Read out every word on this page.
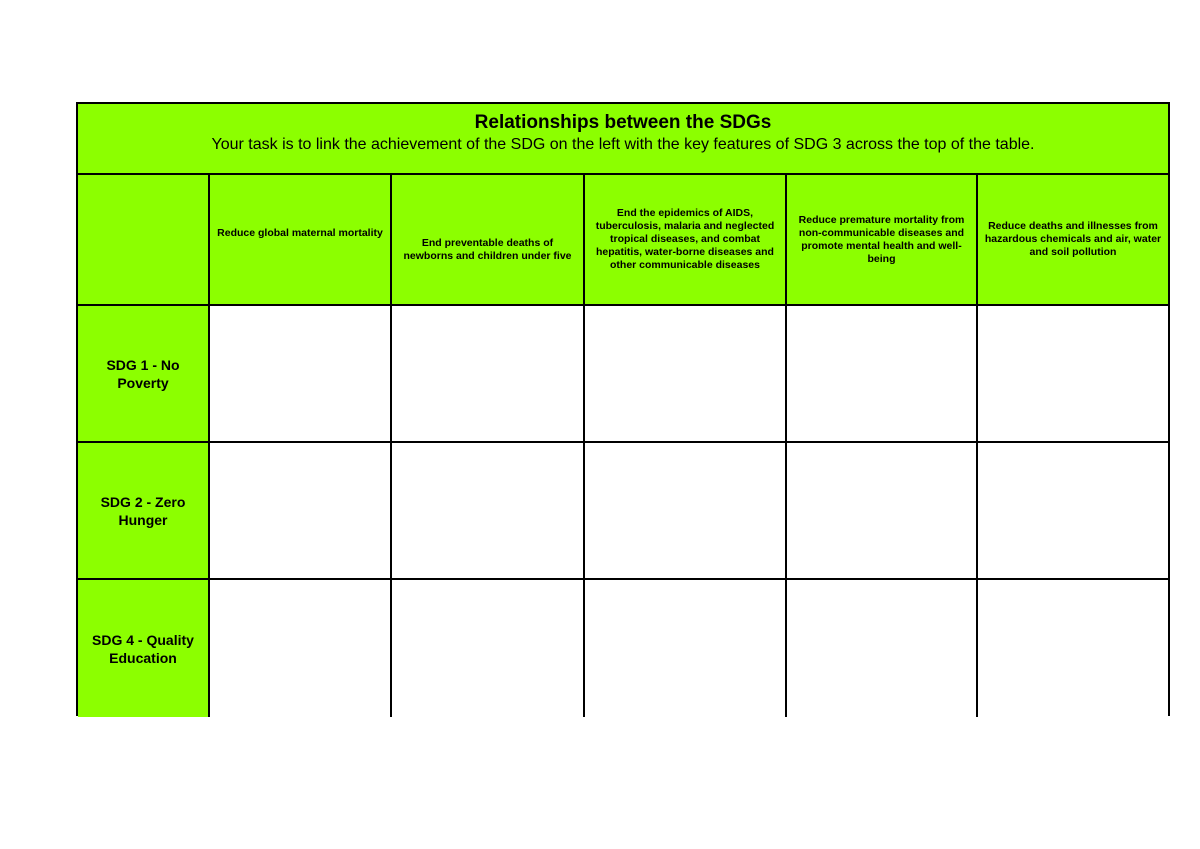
Relationships between the SDGs
Your task is to link the achievement of the SDG on the left with the key features of SDG 3 across the top of the table.

	Reduce global maternal mortality	End preventable deaths of newborns and children under five	End the epidemics of AIDS, tuberculosis, malaria and neglected tropical diseases, and combat hepatitis, water-borne diseases and other communicable diseases	Reduce premature mortality from non-communicable diseases and promote mental health and well-being	Reduce deaths and illnesses from hazardous chemicals and air, water and soil pollution

SDG 1 - No Poverty					

SDG 2 - Zero Hunger					

SDG 4 - Quality Education					
